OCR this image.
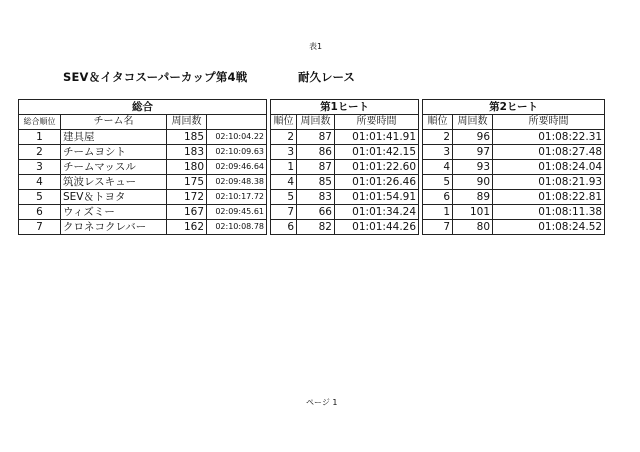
表1
SEV＆イタコスーパーカップ第4戦	耐久レース
総合					第1ヒート				第2ヒート		
総合順位	チーム名	周回数			順位	周回数	所要時間		順位	周回数	所要時間
1	建具屋	185	02:10:04.22		2	87	01:01:41.91		2	96	01:08:22.31
2	チームヨシト	183	02:10:09.63		3	86	01:01:42.15		3	97	01:08:27.48
3	チームマッスル	180	02:09:46.64		1	87	01:01:22.60		4	93	01:08:24.04
4	筑波レスキュー	175	02:09:48.38		4	85	01:01:26.46		5	90	01:08:21.93
5	SEV＆トヨタ	172	02:10:17.72		5	83	01:01:54.91		6	89	01:08:22.81
6	ウィズミー	167	02:09:45.61		7	66	01:01:34.24		1	101	01:08:11.38
7	クロネコクレバー	162	02:10:08.78		6	82	01:01:44.26		7	80	01:08:24.52
ページ 1
